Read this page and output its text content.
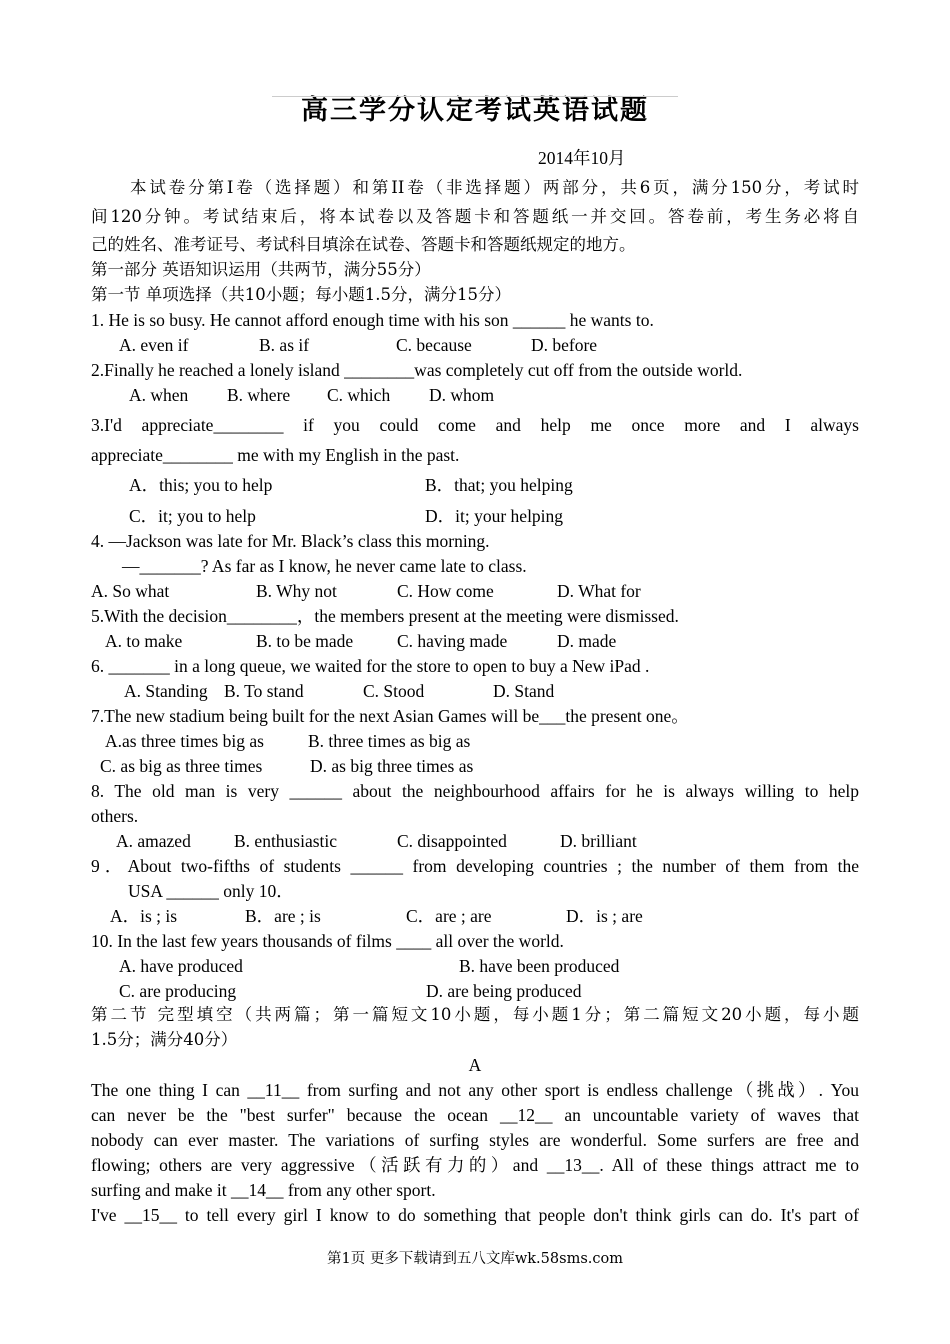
高三学分认定考试英语试题
2014年10月
本试卷分第I卷（选择题）和第II卷（非选择题）两部分，共6页，满分150分，考试时
间120分钟。考试结束后，将本试卷以及答题卡和答题纸一并交回。答卷前，考生务必将自
己的姓名、准考证号、考试科目填涂在试卷、答题卡和答题纸规定的地方。
第一部分 英语知识运用（共两节，满分55分）
第一节 单项选择（共10小题；每小题1.5分，满分15分）
1. He is so busy. He cannot afford enough time with his son ______ he wants to.
A. even if	B. as if	C. because	D. before
2.Finally he reached a lonely island ________was completely cut off from the outside world.
A. when B. where C. which D. whom
3.I'd appreciate________ if you could come and help me once more and I always
appreciate________ me with my English in the past.
A．this; you to help	B．that; you helping
C．it; you to help	D．it; your helping
4. —Jackson was late for Mr. Black’s class this morning.
—_______? As far as I know, he never came late to class.
A. So what	B. Why not	C. How come	D. What for
5.With the decision________，the members present at the meeting were dismissed.
A. to make	B. to be made	C. having made	D. made
6. _______ in a long queue, we waited for the store to open to buy a New iPad .
A. Standing B. To stand	C. Stood	D. Stand
7.The new stadium being built for the next Asian Games will be___the present one。
A.as three times big as	B. three times as big as
C. as big as three times	D. as big three times as
8. The old man is very ______ about the neighbourhood affairs for he is always willing to help
others.
A. amazed B. enthusiastic	C. disappointed	D. brilliant
9．About two-fifths of students ______ from developing countries ; the number of them from the
USA ______ only 10．
A．is ; is	B．are ; is	C．are ; are	D．is ; are
10. In the last few years thousands of films ____ all over the world.
A. have produced	B. have been produced
C. are producing	D. are being produced
第二节 完型填空（共两篇；第一篇短文10小题，每小题1分；第二篇短文20小题，每小题
1.5分；满分40分）
A
The one thing I can __11__ from surfing and not any other sport is endless challenge（挑战）. You
can never be the "best surfer" because the ocean __12__ an uncountable variety of waves that
nobody can ever master. The variations of surfing styles are wonderful. Some surfers are free and
flowing; others are very aggressive（活跃有力的）and __13__. All of these things attract me to
surfing and make it __14__ from any other sport.
I've __15__ to tell every girl I know to do something that people don't think girls can do. It's part of
第1页 更多下载请到五八文库wk.58sms.com
